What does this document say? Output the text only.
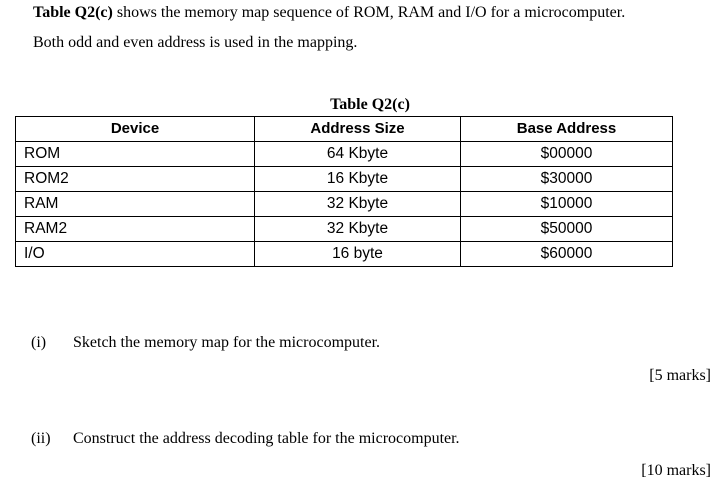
Table Q2(c) shows the memory map sequence of ROM, RAM and I/O for a microcomputer.
Both odd and even address is used in the mapping.
Table Q2(c)
Device	Address Size	Base Address
ROM	64 Kbyte	$00000
ROM2	16 Kbyte	$30000
RAM	32 Kbyte	$10000
RAM2	32 Kbyte	$50000
I/O	16 byte	$60000
(i) Sketch the memory map for the microcomputer.
[5 marks]
(ii) Construct the address decoding table for the microcomputer.
[10 marks]
